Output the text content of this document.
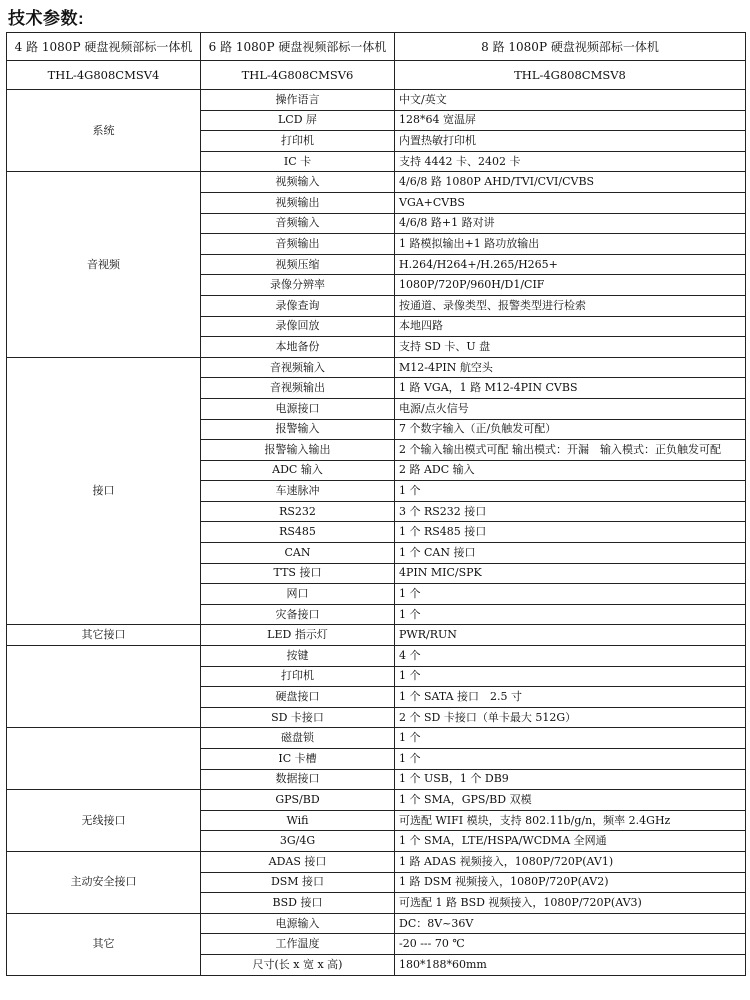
技术参数:
4 路 1080P 硬盘视频部标一体机	6 路 1080P 硬盘视频部标一体机	8 路 1080P 硬盘视频部标一体机
THL-4G808CMSV4	THL-4G808CMSV6	THL-4G808CMSV8
系统	操作语言	中文/英文
	LCD 屏	128*64 宽温屏
	打印机	内置热敏打印机
	IC 卡	支持 4442 卡、2402 卡
音视频	视频输入	4/6/8 路 1080P AHD/TVI/CVI/CVBS
	视频输出	VGA+CVBS
	音频输入	4/6/8 路+1 路对讲
	音频输出	1 路模拟输出+1 路功放输出
	视频压缩	H.264/H264+/H.265/H265+
	录像分辨率	1080P/720P/960H/D1/CIF
	录像查询	按通道、录像类型、报警类型进行检索
	录像回放	本地四路
	本地备份	支持 SD 卡、U 盘
接口	音视频输入	M12-4PIN 航空头
	音视频输出	1 路 VGA，1 路 M12-4PIN CVBS
	电源接口	电源/点火信号
	报警输入	7 个数字输入（正/负触发可配）
	报警输入输出	2 个输入输出模式可配 输出模式：开漏　输入模式：正负触发可配
	ADC 输入	2 路 ADC 输入
	车速脉冲	1 个
	RS232	3 个 RS232 接口
	RS485	1 个 RS485 接口
	CAN	1 个 CAN 接口
	TTS 接口	4PIN MIC/SPK
	网口	1 个
	灾备接口	1 个
其它接口	LED 指示灯	PWR/RUN
	按键	4 个
	打印机	1 个
	硬盘接口	1 个 SATA 接口　2.5 寸
	SD 卡接口	2 个 SD 卡接口（单卡最大 512G）
	磁盘锁	1 个
	IC 卡槽	1 个
	数据接口	1 个 USB，1 个 DB9
无线接口	GPS/BD	1 个 SMA，GPS/BD 双模
	Wifi	可选配 WIFI 模块，支持 802.11b/g/n，频率 2.4GHz
	3G/4G	1 个 SMA，LTE/HSPA/WCDMA 全网通
主动安全接口	ADAS 接口	1 路 ADAS 视频接入，1080P/720P(AV1)
	DSM 接口	1 路 DSM 视频接入，1080P/720P(AV2)
	BSD 接口	可选配 1 路 BSD 视频接入，1080P/720P(AV3)
其它	电源输入	DC：8V~36V
	工作温度	-20 --- 70 ℃
	尺寸(长 x 宽 x 高)	180*188*60mm
